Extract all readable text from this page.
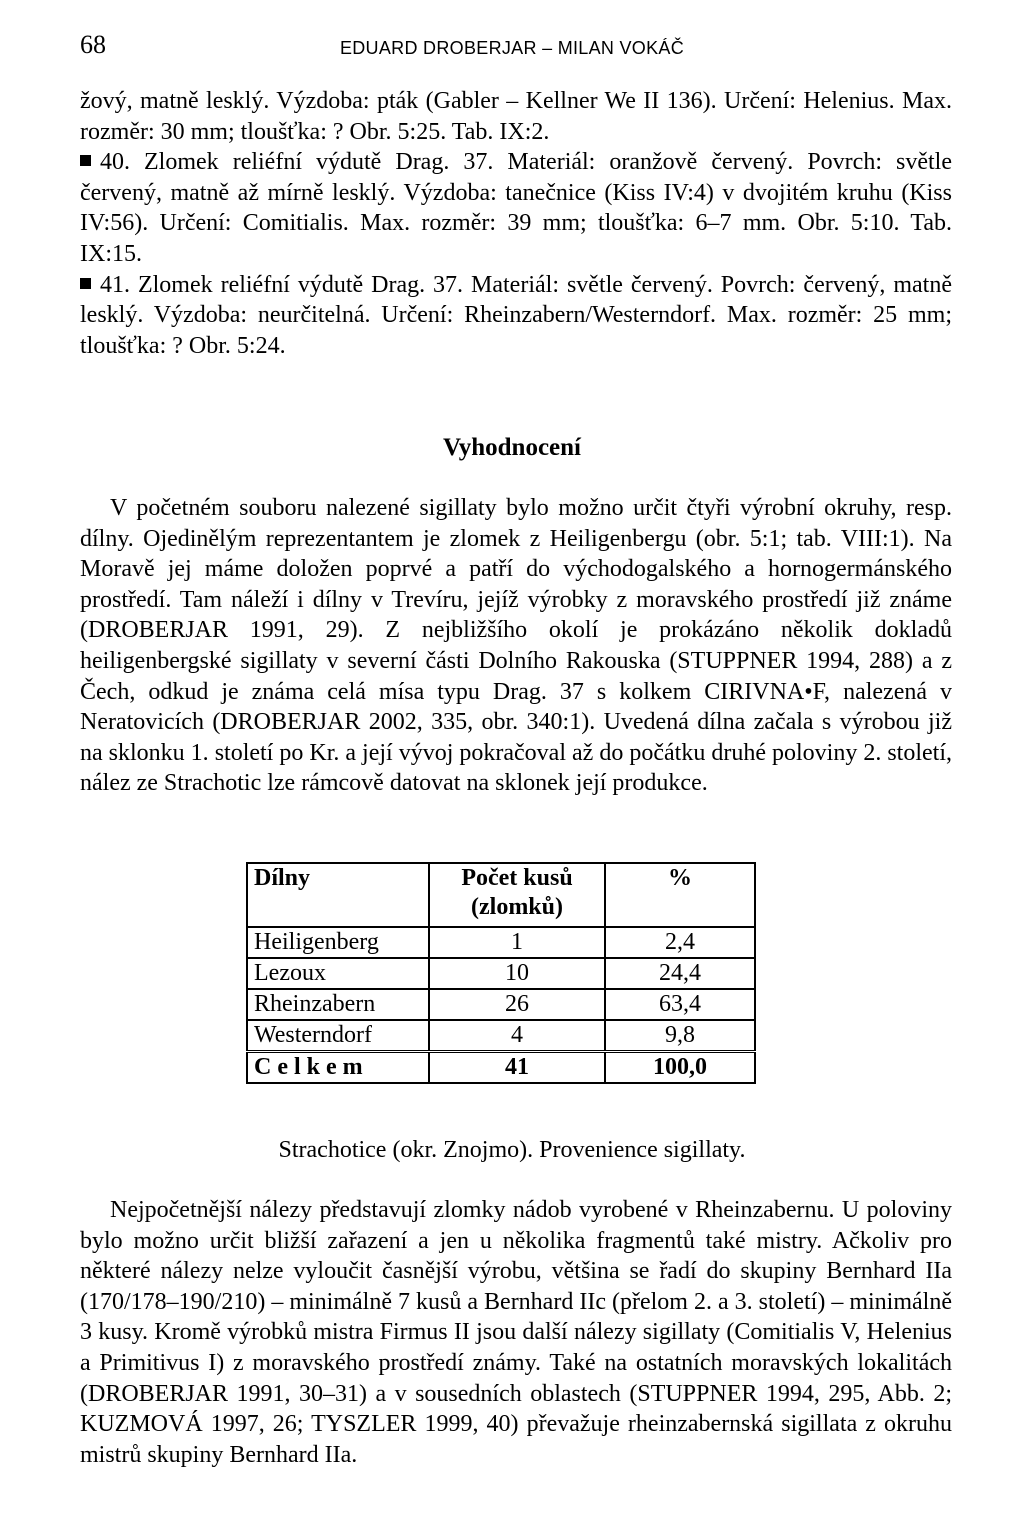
68	EDUARD DROBERJAR – MILAN VOKÁČ

žový, matně lesklý. Výzdoba: pták (Gabler – Kellner We II 136). Určení: Helenius. Max. rozměr: 30 mm; tloušťka: ? Obr. 5:25. Tab. IX:2.

40. Zlomek reliéfní výdutě Drag. 37. Materiál: oranžově červený. Povrch: světle červený, matně až mírně lesklý. Výzdoba: tanečnice (Kiss IV:4) v dvojitém kruhu (Kiss IV:56). Určení: Comitialis. Max. rozměr: 39 mm; tloušťka: 6–7 mm. Obr. 5:10. Tab. IX:15.

41. Zlomek reliéfní výdutě Drag. 37. Materiál: světle červený. Povrch: červený, matně lesklý. Výzdoba: neurčitelná. Určení: Rheinzabern/Westerndorf. Max. rozměr: 25 mm; tloušťka: ? Obr. 5:24.

Vyhodnocení

V početném souboru nalezené sigillaty bylo možno určit čtyři výrobní okruhy, resp. dílny. Ojedinělým reprezentantem je zlomek z Heiligenbergu (obr. 5:1; tab. VIII:1). Na Moravě jej máme doložen poprvé a patří do východogalského a hornogermánského prostředí. Tam náleží i dílny v Trevíru, jejíž výrobky z moravského prostředí již známe (DROBERJAR 1991, 29). Z nejbližšího okolí je prokázáno několik dokladů heiligenbergské sigillaty v severní části Dolního Rakouska (STUPPNER 1994, 288) a z Čech, odkud je známa celá mísa typu Drag. 37 s kolkem CIRIVNA•F, nalezená v Neratovicích (DROBERJAR 2002, 335, obr. 340:1). Uvedená dílna začala s výrobou již na sklonku 1. století po Kr. a její vývoj pokračoval až do počátku druhé poloviny 2. století, nález ze Strachotic lze rámcově datovat na sklonek její produkce.

Dílny	Počet kusů (zlomků)	%
Heiligenberg	1	2,4
Lezoux	10	24,4
Rheinzabern	26	63,4
Westerndorf	4	9,8
Celkem	41	100,0
Strachotice (okr. Znojmo). Provenience sigillaty.

Nejpočetnější nálezy představují zlomky nádob vyrobené v Rheinzabernu. U poloviny bylo možno určit bližší zařazení a jen u několika fragmentů také mistry. Ačkoliv pro některé nálezy nelze vyloučit časnější výrobu, většina se řadí do skupiny Bernhard IIa (170/178–190/210) – minimálně 7 kusů a Bernhard IIc (přelom 2. a 3. století) – minimálně 3 kusy. Kromě výrobků mistra Firmus II jsou další nálezy sigillaty (Comitialis V, Helenius a Primitivus I) z moravského prostředí známy. Také na ostatních moravských lokalitách (DROBERJAR 1991, 30–31) a v sousedních oblastech (STUPPNER 1994, 295, Abb. 2; KUZMOVÁ 1997, 26; TYSZLER 1999, 40) převažuje rheinzabernská sigillata z okruhu mistrů skupiny Bernhard IIa.
